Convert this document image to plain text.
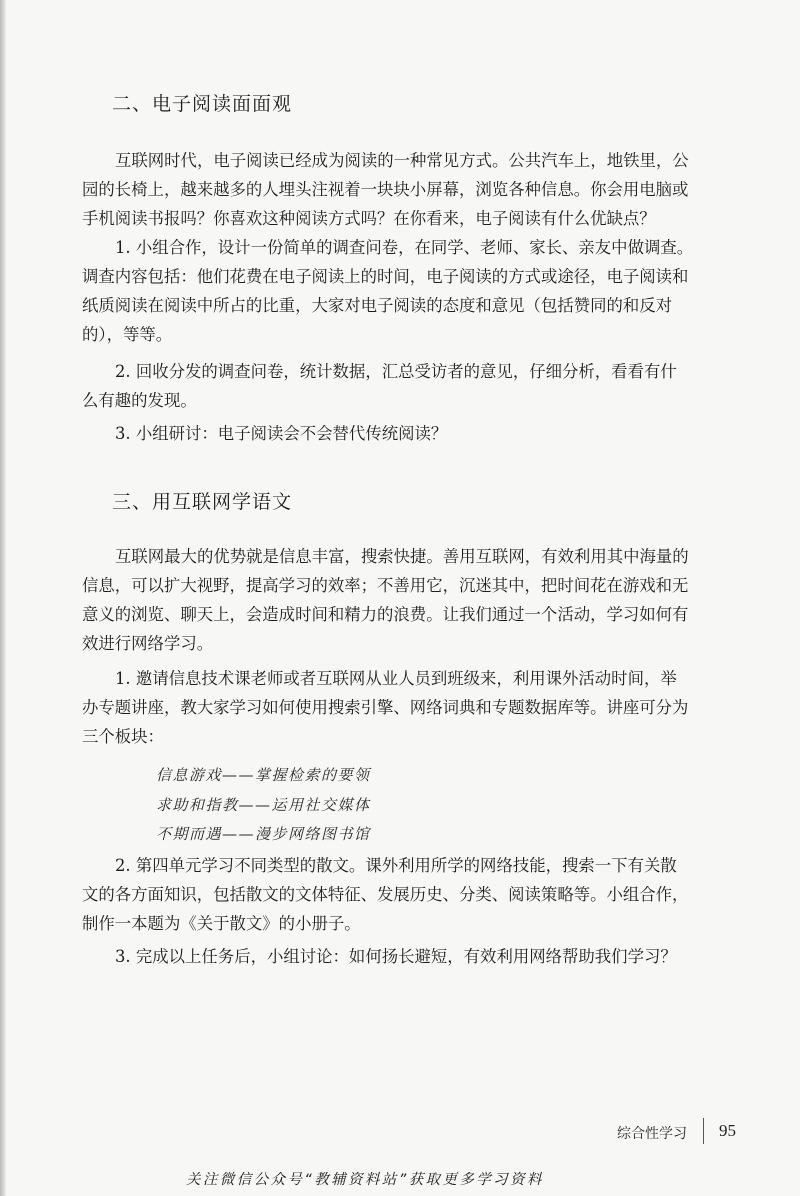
二、电子阅读面面观
互联网时代，电子阅读已经成为阅读的一种常见方式。公共汽车上，地铁里，公
园的长椅上，越来越多的人埋头注视着一块块小屏幕，浏览各种信息。你会用电脑或
手机阅读书报吗？你喜欢这种阅读方式吗？在你看来，电子阅读有什么优缺点？
1. 小组合作，设计一份简单的调查问卷，在同学、老师、家长、亲友中做调查。
调查内容包括：他们花费在电子阅读上的时间，电子阅读的方式或途径，电子阅读和
纸质阅读在阅读中所占的比重，大家对电子阅读的态度和意见（包括赞同的和反对
的），等等。
2. 回收分发的调查问卷，统计数据，汇总受访者的意见，仔细分析，看看有什
么有趣的发现。
3. 小组研讨：电子阅读会不会替代传统阅读？
三、用互联网学语文
互联网最大的优势就是信息丰富，搜索快捷。善用互联网，有效利用其中海量的
信息，可以扩大视野，提高学习的效率；不善用它，沉迷其中，把时间花在游戏和无
意义的浏览、聊天上，会造成时间和精力的浪费。让我们通过一个活动，学习如何有
效进行网络学习。
1. 邀请信息技术课老师或者互联网从业人员到班级来，利用课外活动时间，举
办专题讲座，教大家学习如何使用搜索引擎、网络词典和专题数据库等。讲座可分为
三个板块：
信息游戏——掌握检索的要领
求助和指教——运用社交媒体
不期而遇——漫步网络图书馆
2. 第四单元学习不同类型的散文。课外利用所学的网络技能，搜索一下有关散
文的各方面知识，包括散文的文体特征、发展历史、分类、阅读策略等。小组合作，
制作一本题为《关于散文》的小册子。
3. 完成以上任务后，小组讨论：如何扬长避短，有效利用网络帮助我们学习？
综合性学习 95
关注微信公众号“教辅资料站”获取更多学习资料
